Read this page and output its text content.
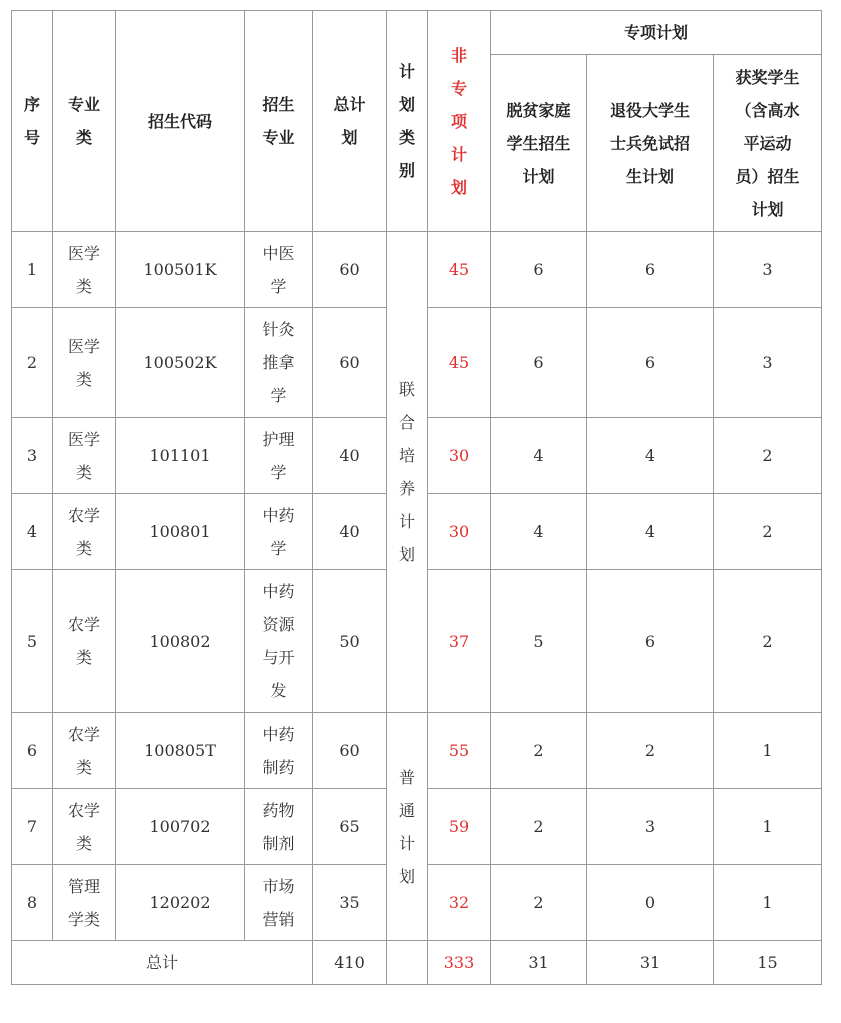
序号	专业类	招生代码	招生专业	总计划	计划类别	非专项计划	专项计划		
							脱贫家庭学生招生计划	退役大学生士兵免试招生计划	获奖学生（含高水平运动员）招生计划
1	医学类	100501K	中医学	60	联合培养计划	45	6	6	3
2	医学类	100502K	针灸推拿学	60		45	6	6	3
3	医学类	101101	护理学	40		30	4	4	2
4	农学类	100801	中药学	40		30	4	4	2
5	农学类	100802	中药资源与开发	50		37	5	6	2
6	农学类	100805T	中药制药	60	普通计划	55	2	2	1
7	农学类	100702	药物制剂	65		59	2	3	1
8	管理学类	120202	市场营销	35		32	2	0	1
总计				410		333	31	31	15
